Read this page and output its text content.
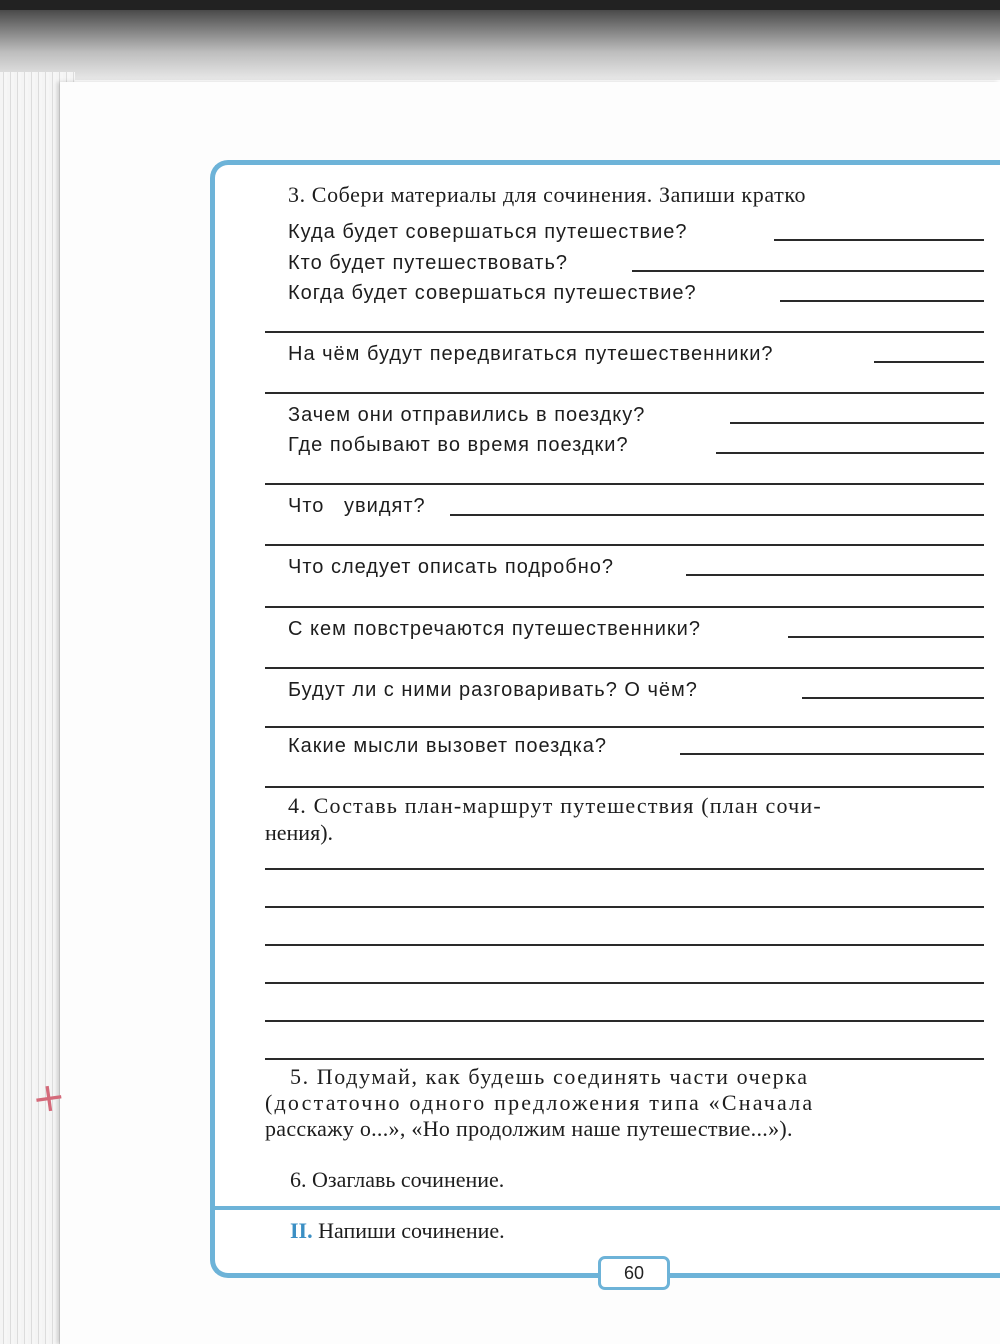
3. Собери материалы для сочинения. Запиши кратко
Куда будет совершаться путешествие?
Кто будет путешествовать?
Когда будет совершаться путешествие?
На чём будут передвигаться путешественники?
Зачем они отправились в поездку?
Где побывают во время поездки?
Что   увидят?
Что следует описать подробно?
С кем повстречаются путешественники?
Будут ли с ними разговаривать? О чём?
Какие мысли вызовет поездка?
4. Составь план-маршрут путешествия (план сочи-
нения).
5. Подумай, как будешь соединять части очерка
(достаточно одного предложения типа «Сначала
расскажу о...», «Но продолжим наше путешествие...»).
6. Озаглавь сочинение.
II. Напиши сочинение.
60
+
